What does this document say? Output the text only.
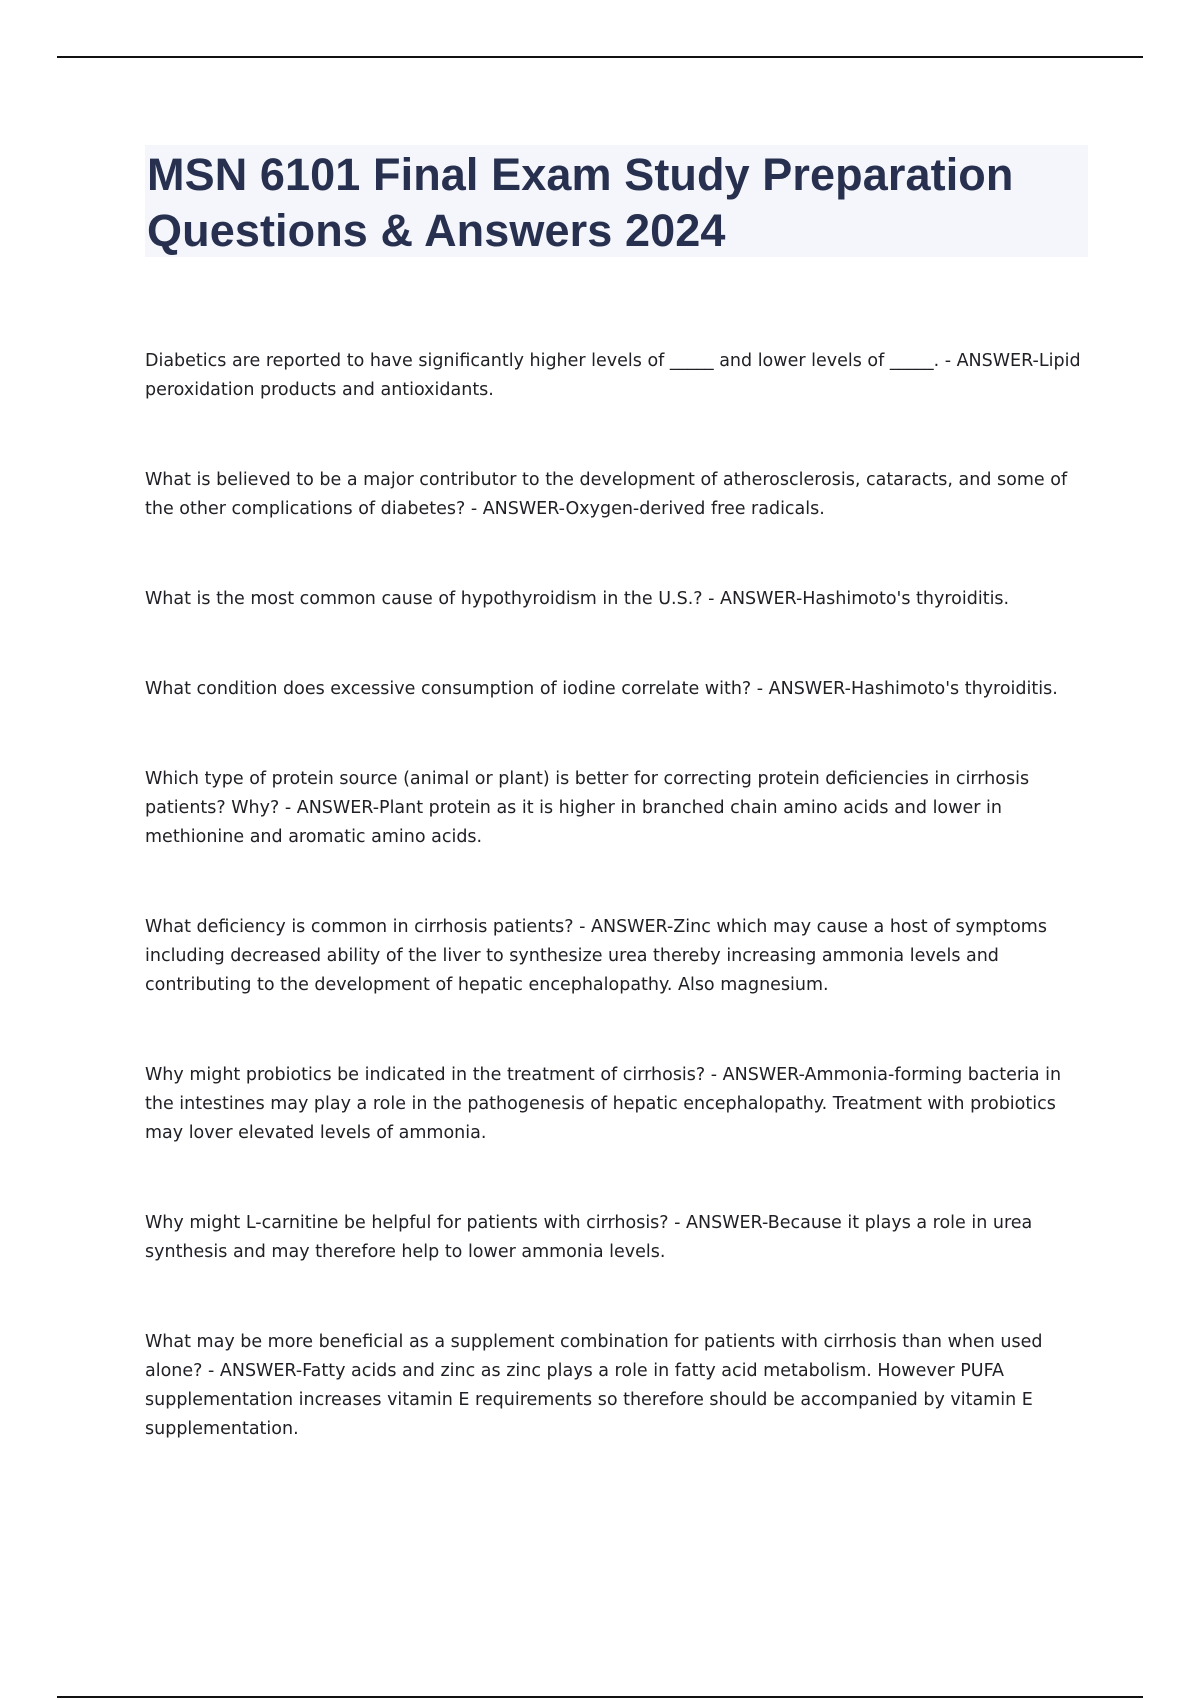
MSN 6101 Final Exam Study Preparation Questions & Answers 2024

Diabetics are reported to have significantly higher levels of _____ and lower levels of _____. - ANSWER-Lipid peroxidation products and antioxidants.

What is believed to be a major contributor to the development of atherosclerosis, cataracts, and some of the other complications of diabetes? - ANSWER-Oxygen-derived free radicals.

What is the most common cause of hypothyroidism in the U.S.? - ANSWER-Hashimoto's thyroiditis.

What condition does excessive consumption of iodine correlate with? - ANSWER-Hashimoto's thyroiditis.

Which type of protein source (animal or plant) is better for correcting protein deficiencies in cirrhosis patients? Why? - ANSWER-Plant protein as it is higher in branched chain amino acids and lower in methionine and aromatic amino acids.

What deficiency is common in cirrhosis patients? - ANSWER-Zinc which may cause a host of symptoms including decreased ability of the liver to synthesize urea thereby increasing ammonia levels and contributing to the development of hepatic encephalopathy. Also magnesium.

Why might probiotics be indicated in the treatment of cirrhosis? - ANSWER-Ammonia-forming bacteria in the intestines may play a role in the pathogenesis of hepatic encephalopathy. Treatment with probiotics may lover elevated levels of ammonia.

Why might L-carnitine be helpful for patients with cirrhosis? - ANSWER-Because it plays a role in urea synthesis and may therefore help to lower ammonia levels.

What may be more beneficial as a supplement combination for patients with cirrhosis than when used alone? - ANSWER-Fatty acids and zinc as zinc plays a role in fatty acid metabolism. However PUFA supplementation increases vitamin E requirements so therefore should be accompanied by vitamin E supplementation.
